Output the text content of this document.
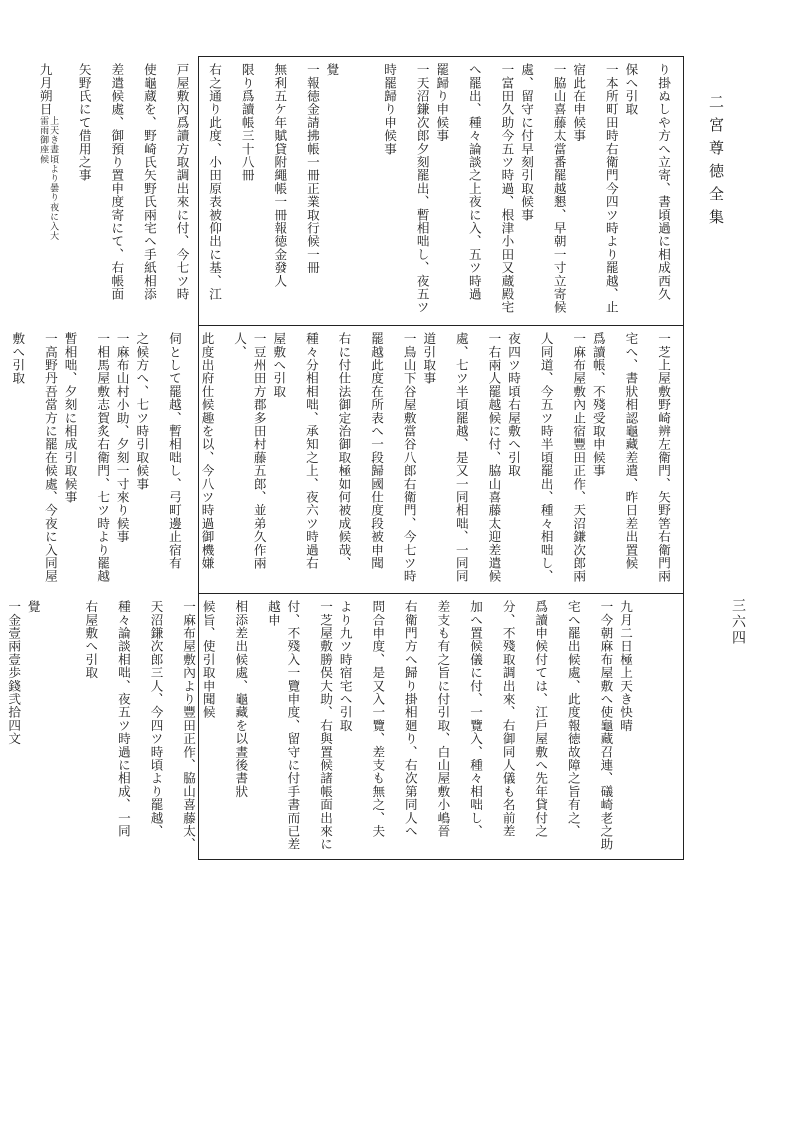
二宮尊徳全集
三六四
り掛ぬしや方へ立寄、書頃過に相成西久
保へ引取
一本所町田時右衛門今四ツ時より罷越、止
宿此在申候事
一脇山喜藤太當番罷越懇、早朝一寸立寄候
處、留守に付早刻引取候事
一富田久助今五ツ時過、根津小田又蔵殿宅
へ罷出、種々論談之上夜に入、五ツ時過
罷歸り申候事
一天沼鎌次郎夕刻罷出、暫相咄し、夜五ツ
時罷歸り申候事
覺
一報徳金請拂帳一冊正業取行候一冊
無利五ケ年賦貸附繩帳一冊報徳金發人
限り爲讀帳三十八冊
右之通り此度、小田原表被仰出に基、江
戸屋敷內爲讀方取調出來に付、今七ツ時
使龜蔵を、野崎氏矢野氏兩宅へ手紙相添
差遣候處、御預り置申度寄にて、右帳面
矢野氏にて借用之事
九月朔日
上天き晝頃より曇り夜に入大
雷雨御座候
一芝上屋敷野崎辨左衛門、矢野筈右衛門兩
宅へ、書狀相認龜藏差遣、昨日差出置候
爲讀帳、不殘受取申候事
一麻布屋敷內止宿豐田正作、天沼鎌次郎兩
人同道、今五ツ時半頃罷出、種々相咄し、
夜四ツ時頃右屋敷へ引取
一右兩人罷越候に付、脇山喜藤太迎差遣候
處、七ツ半頃罷越、是又一同相咄、一同同
道引取事
一鳥山下谷屋敷當谷八郎右衛門、今七ツ時
罷越此度在所表へ一段歸國仕度段被申聞
右に付仕法御定治御取極如何被成候哉、
種々分相相咄、承知之上、夜六ツ時過右
屋敷へ引取
一豆州田方郡多田村藤五郎、並弟久作兩人、
此度出府仕候趣を以、今八ツ時過御機嫌
伺として罷越、暫相咄し、弓町邊止宿有
之候方へ、七ツ時引取候事
一麻布山村小助、夕刻一寸來り候事
一相馬屋敷志賀炙右衛門、七ツ時より罷越
暫相咄、夕刻に相成引取候事
一高野丹吾當方に罷在候處、今夜に入同屋
敷へ引取
九月二日極上天き快晴
一今朝麻布屋敷へ使龜藏召連、礒崎老之助
宅へ罷出候處、此度報徳故障之旨有之、
爲讀申候付ては、江戶屋敷へ先年貸付之
分、不殘取調出來、右御同人儀も名前差
加へ置候儀に付、一覽入、種々相咄し、
差支も有之旨に付引取、白山屋敷小嶋晉
右衛門方へ歸り掛相廻り、右次第同人へ
問合申度、是又入一覽、差支も無之、夫
より九ツ時宿宅へ引取
一芝屋敷勝俣大助、右與置候諸帳面出來に
付、不殘入一覽申度、留守に付手書而已差越申
相添差出候處、龜藏を以晝後書狀
候旨、使引取申聞候
一麻布屋敷內より豐田正作、脇山喜藤太、
天沼鎌次郎三人、今四ツ時頃より罷越、
種々論談相咄、夜五ツ時過に相成、一同
右屋敷へ引取
覺
一金壹兩壹歩錢弐拾四文
